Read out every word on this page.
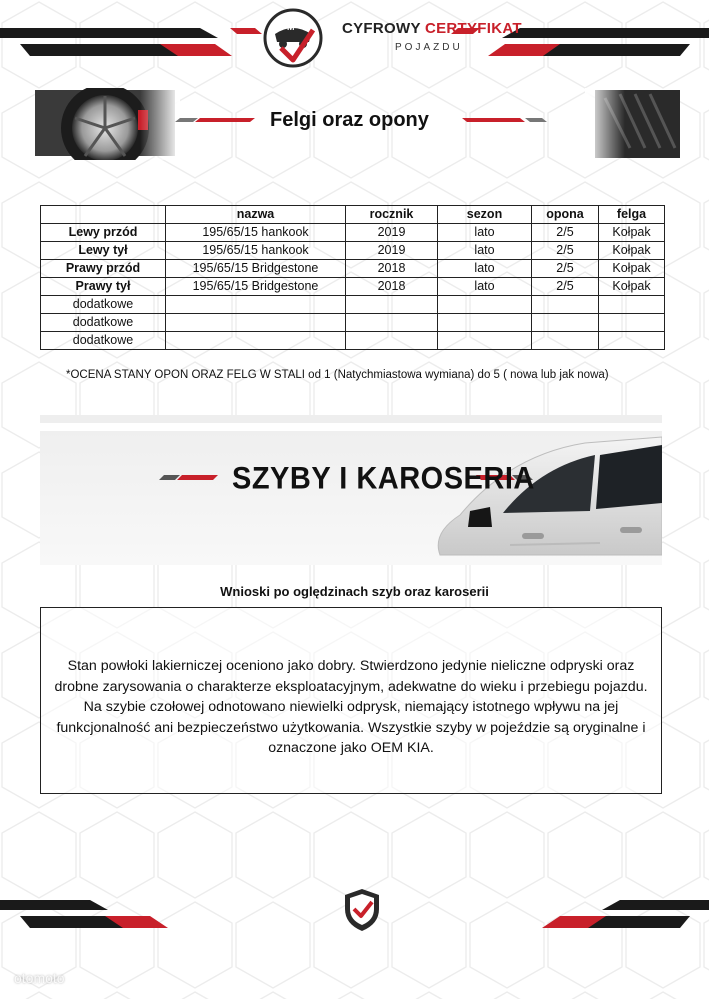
M	CYFROWY CERTYFIKAT
POJAZDU
Felgi oraz opony
	nazwa	rocznik	sezon	opona	felga
Lewy przód	195/65/15 hankook	2019	lato	2/5	Kołpak
Lewy tył	195/65/15 hankook	2019	lato	2/5	Kołpak
Prawy przód	195/65/15 Bridgestone	2018	lato	2/5	Kołpak
Prawy tył	195/65/15 Bridgestone	2018	lato	2/5	Kołpak
dodatkowe					
dodatkowe					
dodatkowe					
*OCENA STANY OPON ORAZ FELG W STALI od 1 (Natychmiastowa wymiana) do 5 ( nowa lub jak nowa)
SZYBY I KAROSERIA
Wnioski po oględzinach szyb oraz karoserii
Stan powłoki lakierniczej oceniono jako dobry. Stwierdzono jedynie nieliczne odpryski oraz drobne zarysowania o charakterze eksploatacyjnym, adekwatne do wieku i przebiegu pojazdu. Na szybie czołowej odnotowano niewielki odprysk, niemający istotnego wpływu na jej funkcjonalność ani bezpieczeństwo użytkowania. Wszystkie szyby w pojeździe są oryginalne i oznaczone jako OEM KIA.
otomoto
